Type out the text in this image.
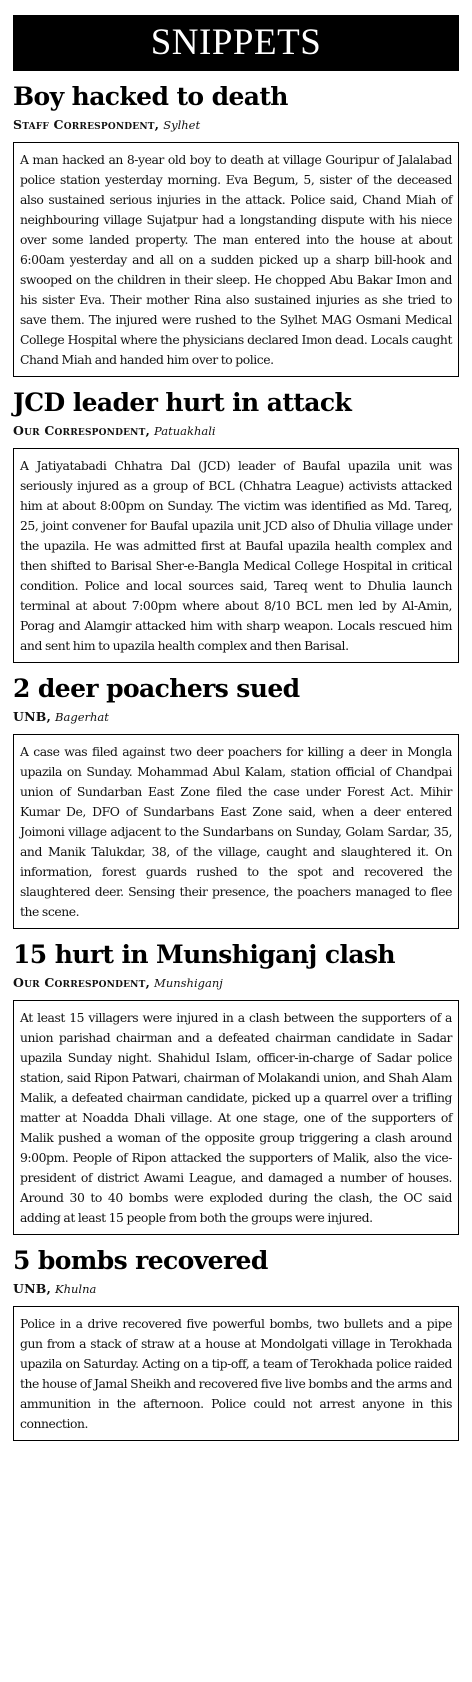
SNIPPETS
Boy hacked to death
Staff Correspondent, Sylhet

A man hacked an 8-year old boy to death at village Gouripur of Jalalabad police station yesterday morning. Eva Begum, 5, sister of the deceased also sustained serious injuries in the attack. Police said, Chand Miah of neighbouring village Sujatpur had a longstanding dispute with his niece over some landed property. The man entered into the house at about 6:00am yesterday and all on a sudden picked up a sharp bill-hook and swooped on the children in their sleep. He chopped Abu Bakar Imon and his sister Eva. Their mother Rina also sustained injuries as she tried to save them. The injured were rushed to the Sylhet MAG Osmani Medical College Hospital where the physicians declared Imon dead. Locals caught Chand Miah and handed him over to police.

JCD leader hurt in attack
Our Correspondent, Patuakhali

A Jatiyatabadi Chhatra Dal (JCD) leader of Baufal upazila unit was seriously injured as a group of BCL (Chhatra League) activists attacked him at about 8:00pm on Sunday. The victim was identified as Md. Tareq, 25, joint convener for Baufal upazila unit JCD also of Dhulia village under the upazila. He was admitted first at Baufal upazila health complex and then shifted to Barisal Sher-e-Bangla Medical College Hospital in critical condition. Police and local sources said, Tareq went to Dhulia launch terminal at about 7:00pm where about 8/10 BCL men led by Al-Amin, Porag and Alamgir attacked him with sharp weapon. Locals rescued him and sent him to upazila health complex and then Barisal.

2 deer poachers sued
UNB, Bagerhat

A case was filed against two deer poachers for killing a deer in Mongla upazila on Sunday. Mohammad Abul Kalam, station official of Chandpai union of Sundarban East Zone filed the case under Forest Act. Mihir Kumar De, DFO of Sundarbans East Zone said, when a deer entered Joimoni village adjacent to the Sundarbans on Sunday, Golam Sardar, 35, and Manik Talukdar, 38, of the village, caught and slaughtered it. On information, forest guards rushed to the spot and recovered the slaughtered deer. Sensing their presence, the poachers managed to flee the scene.

15 hurt in Munshiganj clash
Our Correspondent, Munshiganj

At least 15 villagers were injured in a clash between the supporters of a union parishad chairman and a defeated chairman candidate in Sadar upazila Sunday night. Shahidul Islam, officer-in-charge of Sadar police station, said Ripon Patwari, chairman of Molakandi union, and Shah Alam Malik, a defeated chairman candidate, picked up a quarrel over a trifling matter at Noadda Dhali village. At one stage, one of the supporters of Malik pushed a woman of the opposite group triggering a clash around 9:00pm. People of Ripon attacked the supporters of Malik, also the vice-president of district Awami League, and damaged a number of houses. Around 30 to 40 bombs were exploded during the clash, the OC said adding at least 15 people from both the groups were injured.

5 bombs recovered
UNB, Khulna

Police in a drive recovered five powerful bombs, two bullets and a pipe gun from a stack of straw at a house at Mondolgati village in Terokhada upazila on Saturday. Acting on a tip-off, a team of Terokhada police raided the house of Jamal Sheikh and recovered five live bombs and the arms and ammunition in the afternoon. Police could not arrest anyone in this connection.
